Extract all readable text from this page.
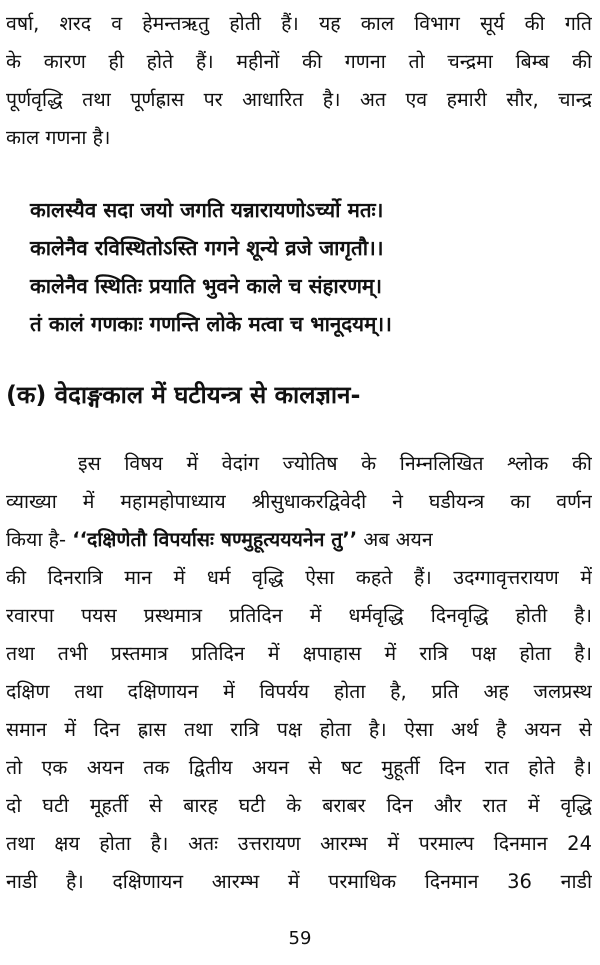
वर्षा, शरद व हेमन्तऋतु होती हैं। यह काल विभाग सूर्य की गति
के कारण ही होते हैं। महीनों की गणना तो चन्द्रमा बिम्ब की
पूर्णवृद्धि तथा पूर्णह्रास पर आधारित है। अत एव हमारी सौर, चान्द्र
काल गणना है।
कालस्यैव सदा जयो जगति यन्नारायणोऽर्च्यो मतः।
कालेनैव रविस्थितोऽस्ति गगने शून्ये व्रजे जागृतौ।।
कालेनैव स्थितिः प्रयाति भुवने काले च संहारणम्।
तं कालं गणकाः गणन्ति लोके मत्वा च भानूदयम्।।
(क) वेदाङ्गकाल में घटीयन्त्र से कालज्ञान-
इस विषय में वेदांग ज्योतिष के निम्नलिखित श्लोक की
व्याख्या में महामहोपाध्याय श्रीसुधाकरद्विवेदी ने घडीयन्त्र का वर्णन
किया है- ‘‘दक्षिणेतौ विपर्यासः षण्मुहूत्यययनेन तु’’ अब अयन
की दिनरात्रि मान में धर्म वृद्धि ऐसा कहते हैं। उदग्गावृत्तरायण में
रवारपा पयस प्रस्थमात्र प्रतिदिन में धर्मवृद्धि दिनवृद्धि होती है।
तथा तभी प्रस्तमात्र प्रतिदिन में क्षपाहास में रात्रि पक्ष होता है।
दक्षिण तथा दक्षिणायन में विपर्यय होता है, प्रति अह जलप्रस्थ
समान में दिन ह्रास तथा रात्रि पक्ष होता है। ऐसा अर्थ है अयन से
तो एक अयन तक द्वितीय अयन से षट मुहूर्ती दिन रात होते है।
दो घटी मूहर्ती से बारह घटी के बराबर दिन और रात में वृद्धि
तथा क्षय होता है। अतः उत्तरायण आरम्भ में परमाल्प दिनमान 24
नाडी है। दक्षिणायन आरम्भ में परमाधिक दिनमान 36 नाडी
59
